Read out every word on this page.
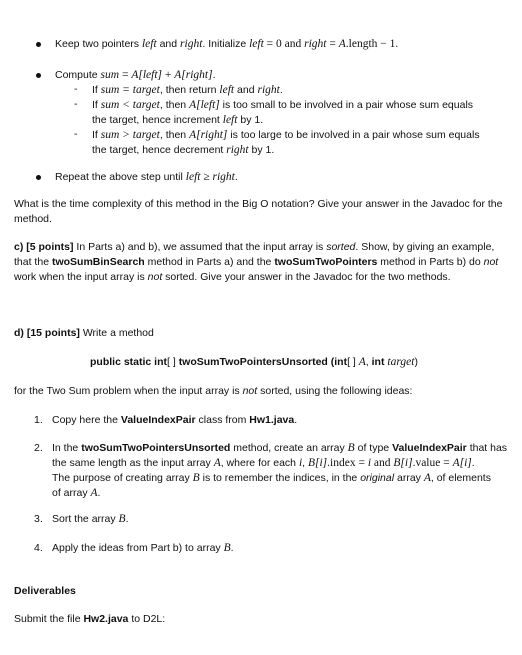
Keep two pointers left and right. Initialize left = 0 and right = A.length − 1.
Compute sum = A[left] + A[right].
- If sum = target, then return left and right.
- If sum < target, then A[left] is too small to be involved in a pair whose sum equals
the target, hence increment left by 1.
- If sum > target, then A[right] is too large to be involved in a pair whose sum equals
the target, hence decrement right by 1.
Repeat the above step until left ≥ right.
What is the time complexity of this method in the Big O notation? Give your answer in the Javadoc for the method.
c) [5 points] In Parts a) and b), we assumed that the input array is sorted. Show, by giving an example, that the twoSumBinSearch method in Parts a) and the twoSumTwoPointers method in Parts b) do not work when the input array is not sorted. Give your answer in the Javadoc for the two methods.
d) [15 points] Write a method
public static int[ ] twoSumTwoPointersUnsorted (int[ ] A, int target)
for the Two Sum problem when the input array is not sorted, using the following ideas:
1. Copy here the ValueIndexPair class from Hw1.java.
2. In the twoSumTwoPointersUnsorted method, create an array B of type ValueIndexPair that has
the same length as the input array A, where for each i, B[i].index = i and B[i].value = A[i].
The purpose of creating array B is to remember the indices, in the original array A, of elements
of array A.
3. Sort the array B.
4. Apply the ideas from Part b) to array B.
Deliverables
Submit the file Hw2.java to D2L:
